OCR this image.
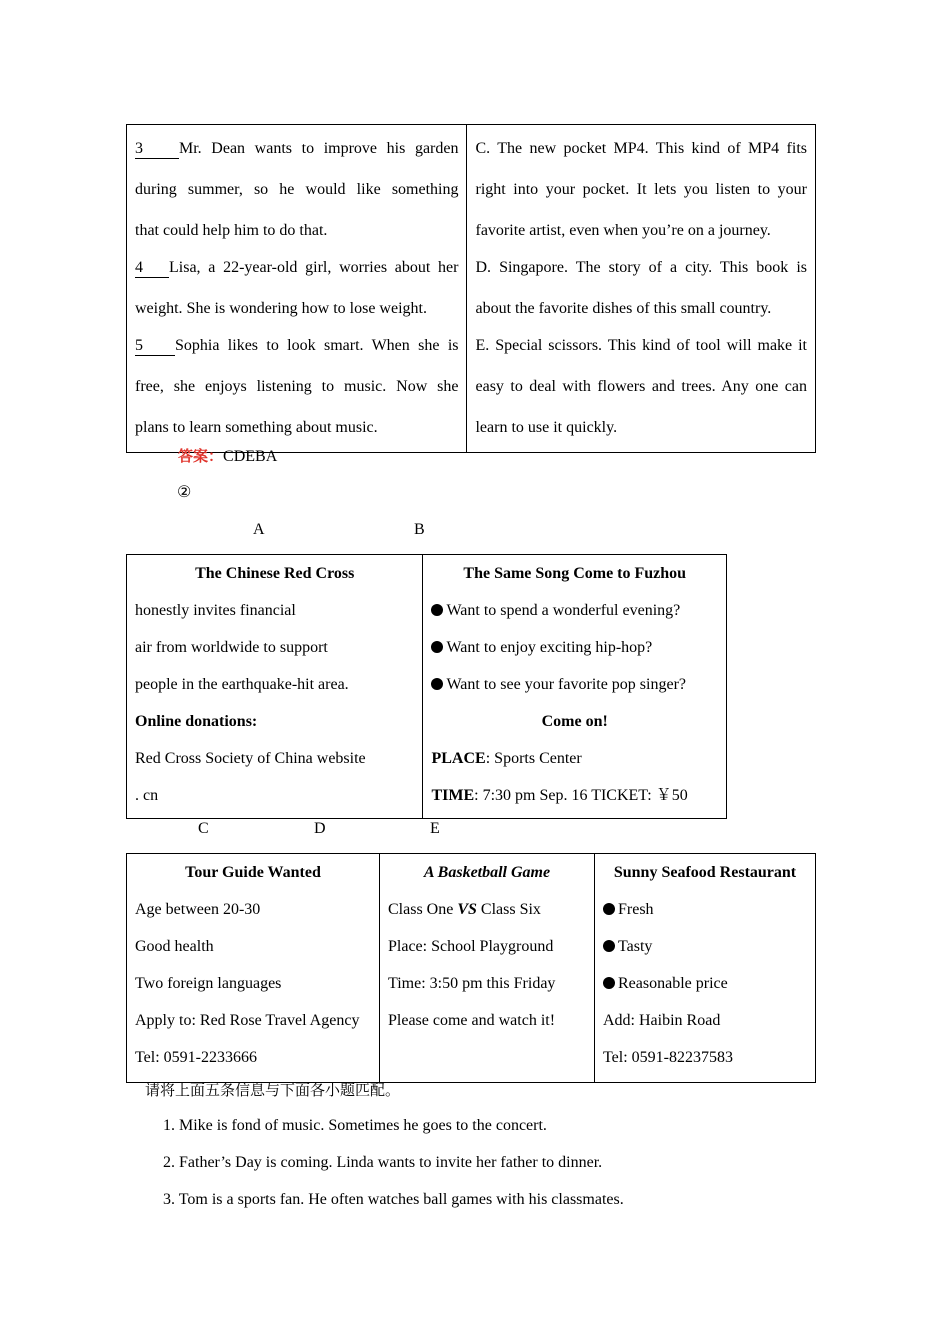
3 Mr. Dean wants to improve his garden
during summer, so he would like something
that could help him to do that.
4 Lisa, a 22-year-old girl, worries about her
weight. She is wondering how to lose weight.
5 Sophia likes to look smart. When she is
free, she enjoys listening to music. Now she
plans to learn something about music.

C. The new pocket MP4. This kind of MP4 fits
right into your pocket. It lets you listen to your
favorite artist, even when you’re on a journey.
D. Singapore. The story of a city. This book is
about the favorite dishes of this small country.
E. Special scissors. This kind of tool will make it
easy to deal with flowers and trees. Any one can
learn to use it quickly.
答案：CDEBA
②
A	B
The Chinese Red Cross
honestly invites financial
air from worldwide to support
people in the earthquake-hit area.
Online donations:
Red Cross Society of China website
. cn

The Same Song Come to Fuzhou
Want to spend a wonderful evening?
Want to enjoy exciting hip-hop?
Want to see your favorite pop singer?
Come on!
PLACE: Sports Center
TIME: 7:30 pm Sep. 16 TICKET: ￥50
C	D	E
Tour Guide Wanted
Age between 20-30
Good health
Two foreign languages
Apply to: Red Rose Travel Agency
Tel: 0591-2233666

A Basketball Game
Class One VS Class Six
Place: School Playground
Time: 3:50 pm this Friday
Please come and watch it!

Sunny Seafood Restaurant
Fresh
Tasty
Reasonable price
Add: Haibin Road
Tel: 0591-82237583
请将上面五条信息与下面各小题匹配。
1. Mike is fond of music. Sometimes he goes to the concert.
2. Father’s Day is coming. Linda wants to invite her father to dinner.
3. Tom is a sports fan. He often watches ball games with his classmates.
